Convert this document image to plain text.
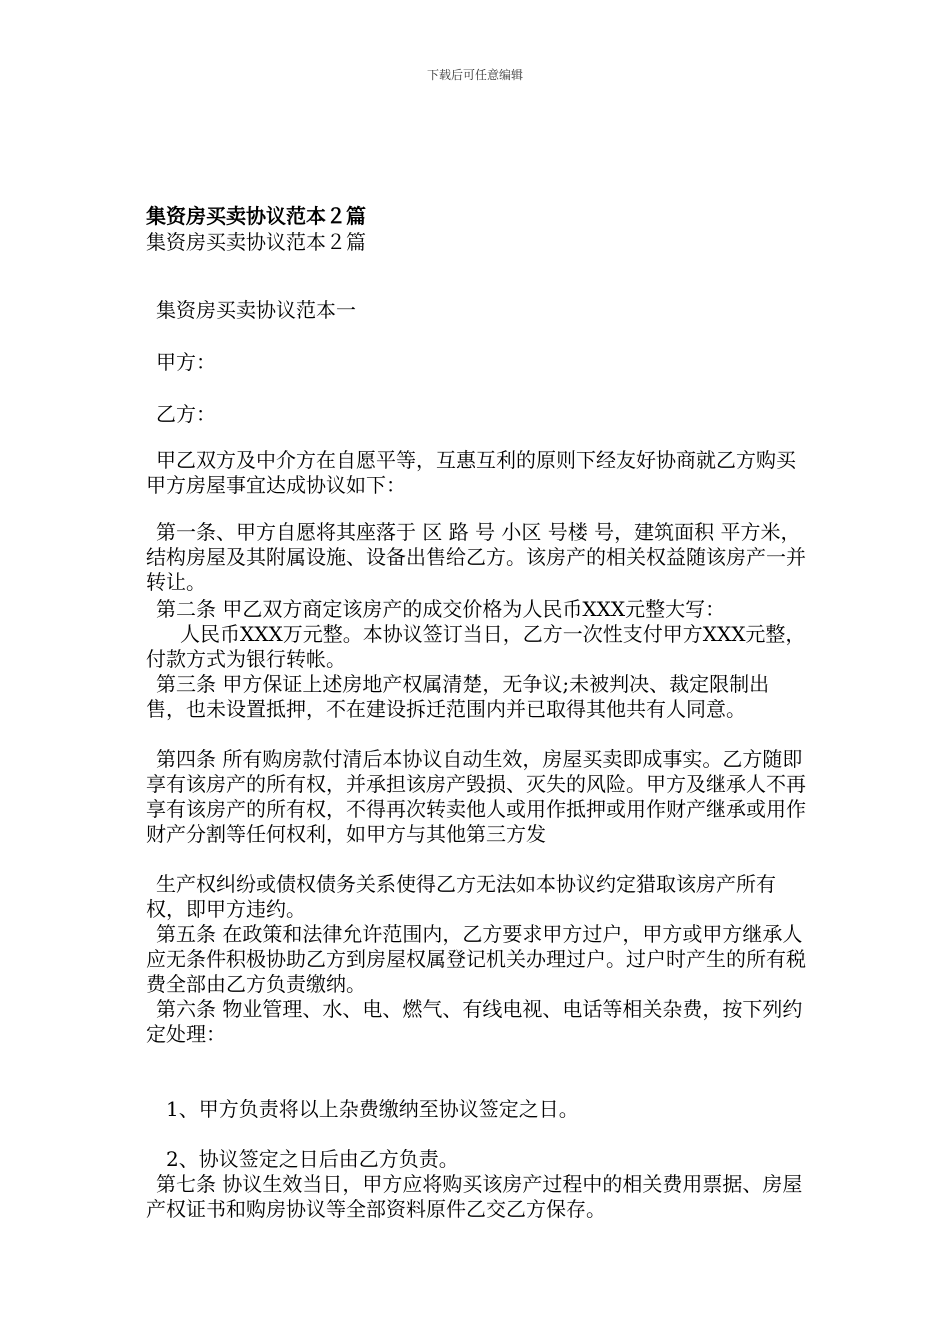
下载后可任意编辑
集资房买卖协议范本２篇
集资房买卖协议范本２篇
集资房买卖协议范本一
甲方：
乙方：
甲乙双方及中介方在自愿平等，互惠互利的原则下经友好协商就乙方购买甲方房屋事宜达成协议如下：
第一条、甲方自愿将其座落于 区 路 号 小区 号楼 号，建筑面积 平方米， 结构房屋及其附属设施、设备出售给乙方。该房产的相关权益随该房产一并转让。
第二条 甲乙双方商定该房产的成交价格为人民币XXX元整大写：
人民币XXX万元整。本协议签订当日，乙方一次性支付甲方XXX元整，付款方式为银行转帐。
第三条 甲方保证上述房地产权属清楚，无争议;未被判决、裁定限制出售，也未设置抵押，不在建设拆迁范围内并已取得其他共有人同意。
第四条 所有购房款付清后本协议自动生效，房屋买卖即成事实。乙方随即享有该房产的所有权，并承担该房产毁损、灭失的风险。甲方及继承人不再享有该房产的所有权，不得再次转卖他人或用作抵押或用作财产继承或用作财产分割等任何权利，如甲方与其他第三方发
生产权纠纷或债权债务关系使得乙方无法如本协议约定猎取该房产所有权，即甲方违约。
第五条 在政策和法律允许范围内，乙方要求甲方过户，甲方或甲方继承人应无条件积极协助乙方到房屋权属登记机关办理过户。过户时产生的所有税费全部由乙方负责缴纳。
第六条 物业管理、水、电、燃气、有线电视、电话等相关杂费，按下列约定处理：
1、甲方负责将以上杂费缴纳至协议签定之日。
2、协议签定之日后由乙方负责。
第七条 协议生效当日，甲方应将购买该房产过程中的相关费用票据、房屋产权证书和购房协议等全部资料原件乙交乙方保存。
